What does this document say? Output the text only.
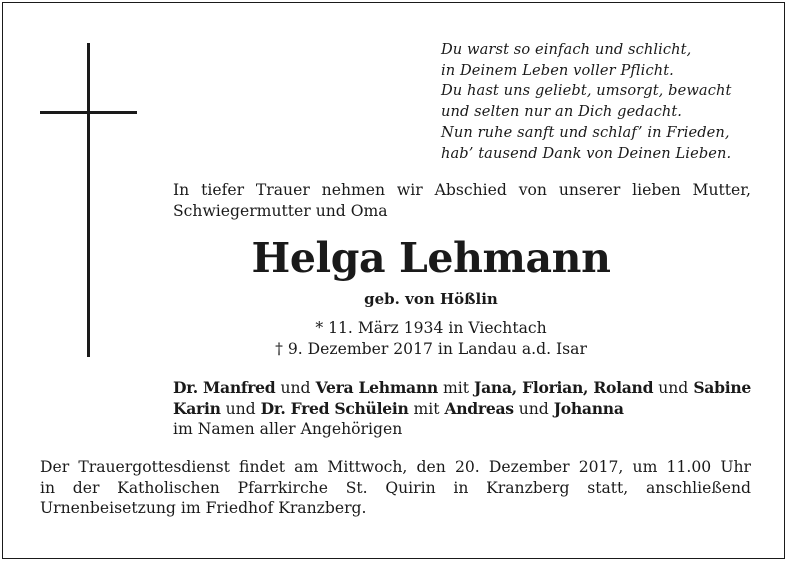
Du warst so einfach und schlicht,
in Deinem Leben voller Pflicht.
Du hast uns geliebt, umsorgt, bewacht
und selten nur an Dich gedacht.
Nun ruhe sanft und schlaf’ in Frieden,
hab’ tausend Dank von Deinen Lieben.
In tiefer Trauer nehmen wir Abschied von unserer lieben Mutter, Schwiegermutter und Oma
Helga Lehmann
geb. von Hößlin
* 11. März 1934 in Viechtach
† 9. Dezember 2017 in Landau a.d. Isar
Dr. Manfred und Vera Lehmann mit Jana, Florian, Roland und Sabine
Karin und Dr. Fred Schülein mit Andreas und Johanna
im Namen aller Angehörigen
Der Trauergottesdienst findet am Mittwoch, den 20. Dezember 2017, um 11.00 Uhr
in der Katholischen Pfarrkirche St. Quirin in Kranzberg statt, anschließend
Urnenbeisetzung im Friedhof Kranzberg.
